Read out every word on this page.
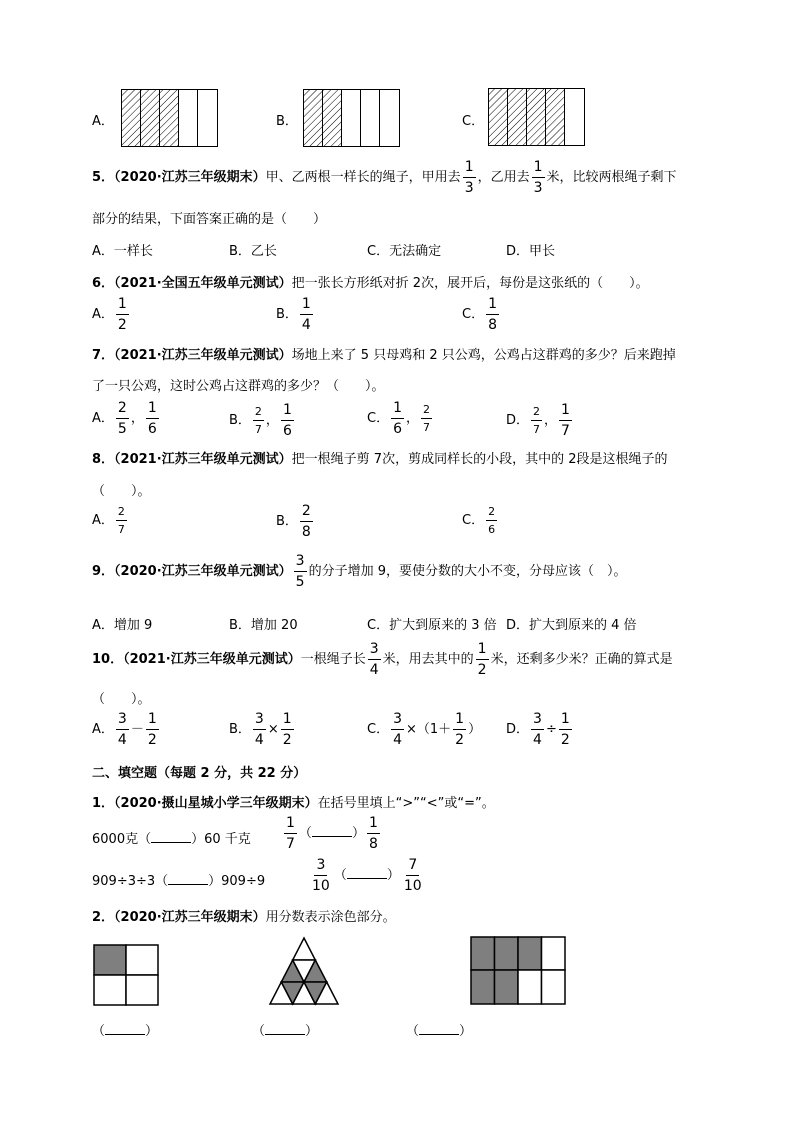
A．	B．	C．
5．（2020·江苏三年级期末）甲、乙两根一样长的绳子，甲用去 $\frac{1}{3}$ ，乙用去 $\frac{1}{3}$ 米，比较两根绳子剩下
部分的结果，下面答案正确的是（　　）
A．一样长	B．乙长	C．无法确定	D．甲长
6．（2021·全国五年级单元测试）把一张长方形纸对折 2次，展开后，每份是这张纸的（　　）。
A． $\frac{1}{2}$	B． $\frac{1}{4}$	C． $\frac{1}{8}$
7．（2021·江苏三年级单元测试）场地上来了 5 只母鸡和 2 只公鸡，公鸡占这群鸡的多少？后来跑掉
了一只公鸡，这时公鸡占这群鸡的多少？（　　）。
A． $\frac{2}{5}$ ， $\frac{1}{6}$	B． $\frac{2}{7}$ ， $\frac{1}{6}$	C． $\frac{1}{6}$ ， $\frac{2}{7}$	D． $\frac{2}{7}$ ， $\frac{1}{7}$
8．（2021·江苏三年级单元测试）把一根绳子剪 7次，剪成同样长的小段，其中的 2段是这根绳子的
（　　）。
A． $\frac{2}{7}$	B． $\frac{2}{8}$	C． $\frac{2}{6}$
9．（2020·江苏三年级单元测试） $\frac{3}{5}$ 的分子增加 9，要使分数的大小不变，分母应该（　）。
A．增加 9	B．增加 20	C．扩大到原来的 3 倍 D．扩大到原来的 4 倍
10．（2021·江苏三年级单元测试）一根绳子长 $\frac{3}{4}$ 米，用去其中的 $\frac{1}{2}$ 米，还剩多少米？正确的算式是
（　　）。
A． $\frac{3}{4} - \frac{1}{2}$	B． $\frac{3}{4} \times \frac{1}{2}$	C． $\frac{3}{4} \times(1+ \frac{1}{2}$ ） D． $\frac{3}{4} \div \frac{1}{2}$
二、填空题（每题 2 分，共 22 分）
1．（2020·摄山星城小学三年级期末）在括号里填上“>”“<”或“=”。
6000克（	）60 千克 $\frac{1}{7}$ （	） $\frac{1}{8}$
909÷3÷3（	）909÷9	$\frac{3}{10}$ （	） $\frac{7}{10}$
2．（2020·江苏三年级期末）用分数表示涂色部分。
（	）	（	）	（	）
